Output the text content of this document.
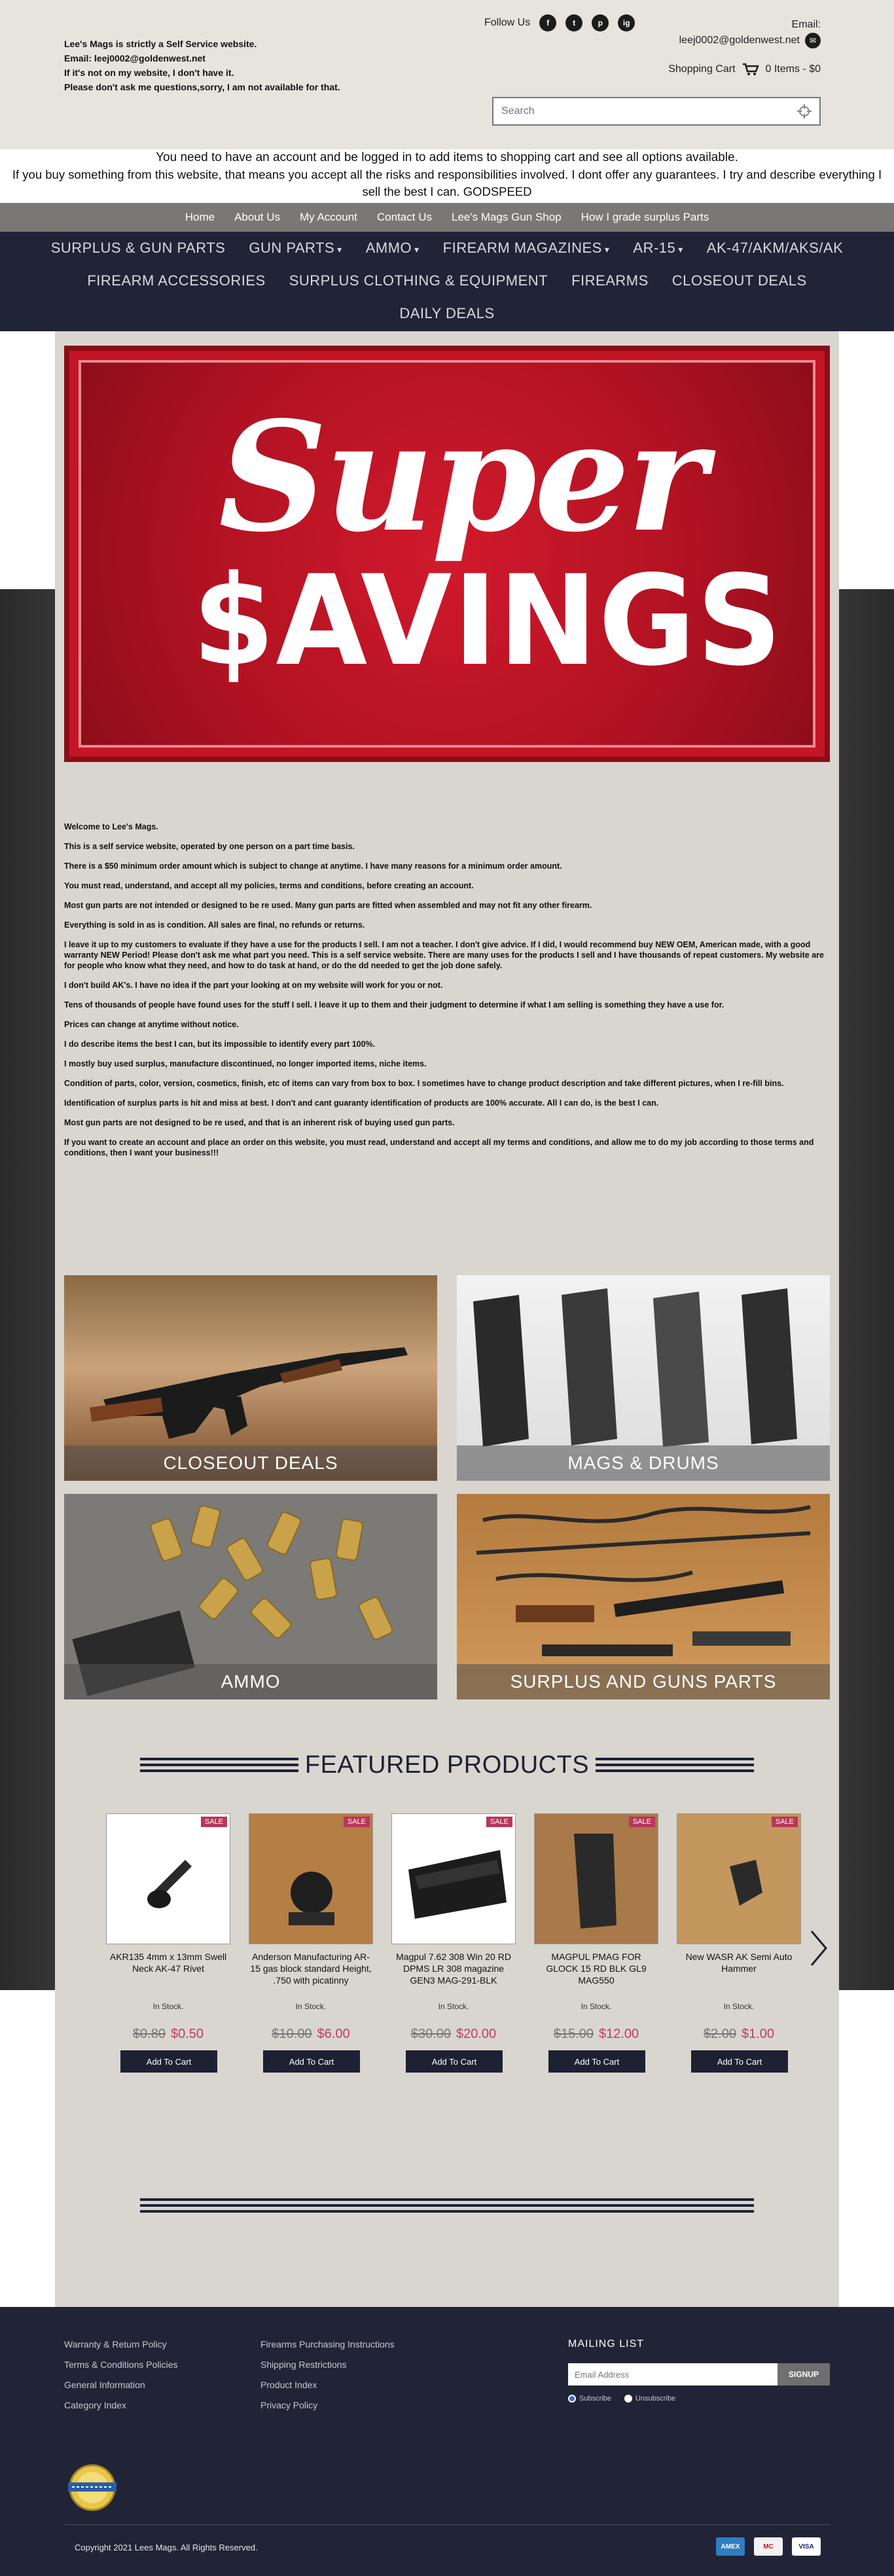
Lee's Mags is strictly a Self Service website.
Email: leej0002@goldenwest.net
If it's not on my website, I don't have it.
Please don't ask me questions,sorry, I am not available for that.
Follow Us	f	t	p	ig	Email:
leej0002@goldenwest.net	✉
Shopping Cart	0 Items - $0
Search
You need to have an account and be logged in to add items to shopping cart and see all options available.
If you buy something from this website, that means you accept all the risks and responsibilities involved. I dont offer any guarantees. I try and describe everything I
sell the best I can. GODSPEED
Home About Us My Account Contact Us Lee's Mags Gun Shop How I grade surplus Parts
SURPLUS & GUN PARTS GUN PARTS ▾ AMMO ▾ FIREARM MAGAZINES ▾ AR-15 ▾ AK-47/AKM/AKS/AK
FIREARM ACCESSORIES SURPLUS CLOTHING & EQUIPMENT FIREARMS CLOSEOUT DEALS
DAILY DEALS
Super
$AVINGS

Welcome to Lee's Mags.

This is a self service website, operated by one person on a part time basis.

There is a $50 minimum order amount which is subject to change at anytime. I have many reasons for a minimum order amount.

You must read, understand, and accept all my policies, terms and conditions, before creating an account.

Most gun parts are not intended or designed to be re used. Many gun parts are fitted when assembled and may not fit any other firearm.

Everything is sold in as is condition. All sales are final, no refunds or returns.

I leave it up to my customers to evaluate if they have a use for the products I sell. I am not a teacher. I don't give advice. If I did, I would recommend buy NEW OEM, American made, with a good warranty NEW Period! Please don't ask me what part you need. This is a self service website. There are many uses for the products I sell and I have thousands of repeat customers. My website are for people who know what they need, and how to do task at hand, or do the dd needed to get the job done safely.

I don't build AK's. I have no idea if the part your looking at on my website will work for you or not.

Tens of thousands of people have found uses for the stuff I sell. I leave it up to them and their judgment to determine if what I am selling is something they have a use for.

Prices can change at anytime without notice.

I do describe items the best I can, but its impossible to identify every part 100%.

I mostly buy used surplus, manufacture discontinued, no longer imported items, niche items.

Condition of parts, color, version, cosmetics, finish, etc of items can vary from box to box. I sometimes have to change product description and take different pictures, when I re-fill bins.

Identification of surplus parts is hit and miss at best. I don't and cant guaranty identification of products are 100% accurate. All I can do, is the best I can.

Most gun parts are not designed to be re used, and that is an inherent risk of buying used gun parts.

If you want to create an account and place an order on this website, you must read, understand and accept all my terms and conditions, and allow me to do my job according to those terms and conditions, then I want your business!!!

CLOSEOUT DEALS	MAGS & DRUMS
AMMO	SURPLUS AND GUNS PARTS
FEATURED PRODUCTS
SALE
AKR135 4mm x 13mm Swell Neck AK-47 Rivet
In Stock.
$0.80 $0.50
Add To Cart
SALE
Anderson Manufacturing AR-15 gas block standard Height, .750 with picatinny
In Stock.
$10.00 $6.00
Add To Cart
SALE
Magpul 7.62 308 Win 20 RD DPMS LR 308 magazine GEN3 MAG-291-BLK
In Stock.
$30.00 $20.00
Add To Cart
SALE
MAGPUL PMAG FOR GLOCK 15 RD BLK GL9 MAG550
In Stock.
$15.00 $12.00
Add To Cart
SALE
New WASR AK Semi Auto Hammer
In Stock.
$2.00 $1.00
Add To Cart
Warranty & Return Policy
Terms & Conditions Policies
General Information
Category Index
Firearms Purchasing Instructions
Shipping Restrictions
Product Index
Privacy Policy
MAILING LIST
Email Address
SIGNUP
Subscribe	Unsubscribe
Copyright 2021 Lees Mags. All Rights Reserved.	AMEX	MC	VISA
